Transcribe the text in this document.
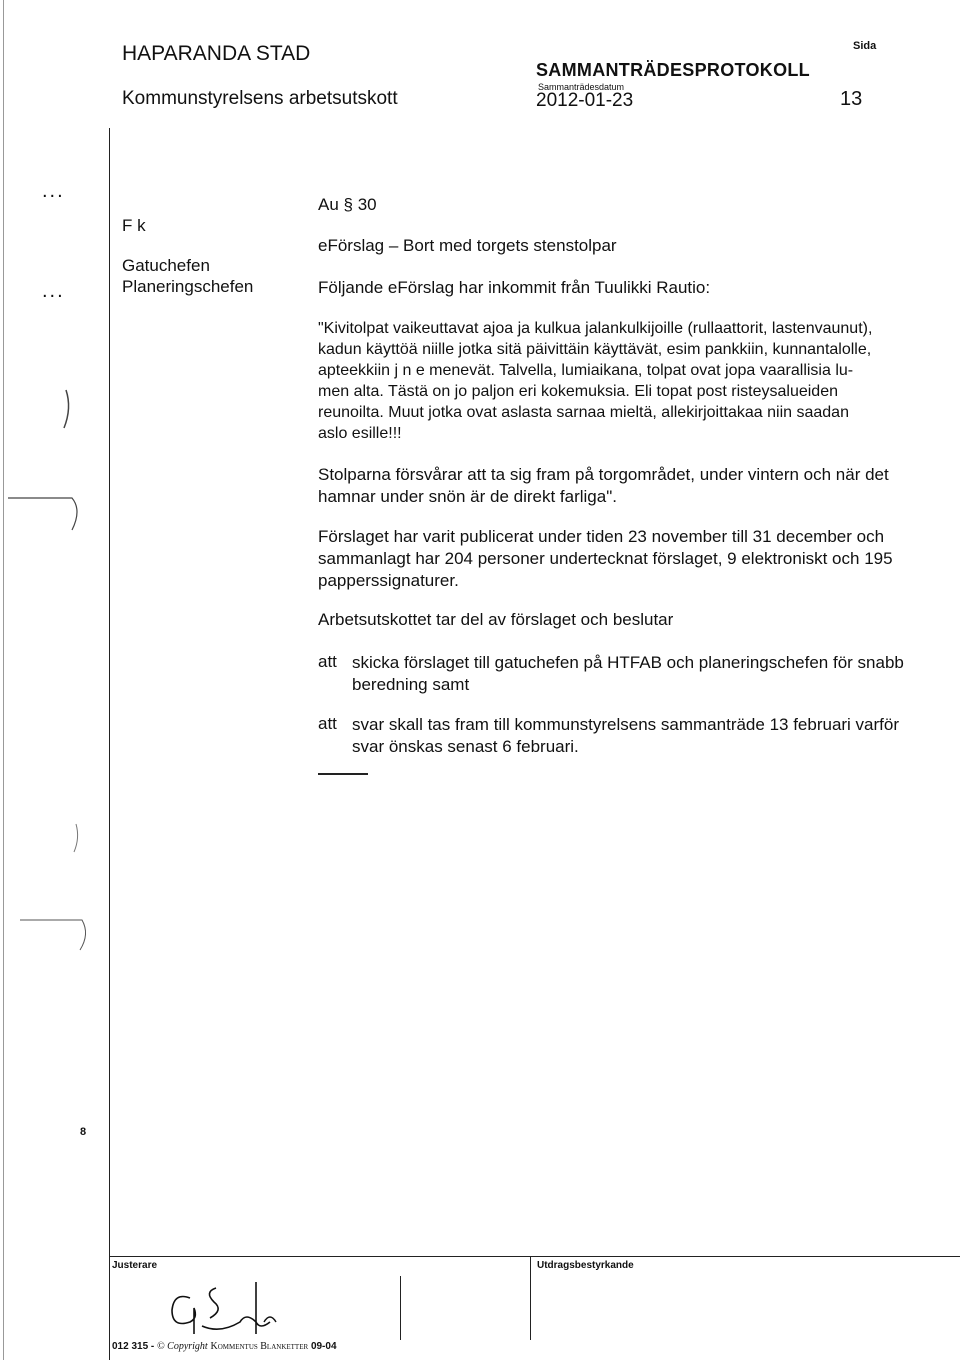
HAPARANDA STAD
Kommunstyrelsens arbetsutskott
SAMMANTRÄDESPROTOKOLL
Sammanträdesdatum
2012-01-23
Sida
13
...
...
F k
Gatuchefen
Planeringschefen
8
Au § 30
eFörslag – Bort med torgets stenstolpar
Följande eFörslag har inkommit från Tuulikki Rautio:
"Kivitolpat vaikeuttavat ajoa ja kulkua jalankulkijoille (rullaattorit, lastenvaunut),
kadun käyttöä niille jotka sitä päivittäin käyttävät, esim pankkiin, kunnantalolle,
apteekkiin j n e menevät. Talvella, lumiaikana, tolpat ovat jopa vaarallisia lu-
men alta. Tästä on jo paljon eri kokemuksia. Eli topat post risteysalueiden
reunoilta. Muut jotka ovat aslasta sarnaa mieltä, allekirjoittakaa niin saadan
aslo esille!!!
Stolparna försvårar att ta sig fram på torgområdet, under vintern och när det
hamnar under snön är de direkt farliga".
Förslaget har varit publicerat under tiden 23 november till 31 december och
sammanlagt har 204 personer undertecknat förslaget, 9 elektroniskt och 195
papperssignaturer.
Arbetsutskottet tar del av förslaget och beslutar
att skicka förslaget till gatuchefen på HTFAB och planeringschefen för snabb
beredning samt
att svar skall tas fram till kommunstyrelsens sammanträde 13 februari varför
svar önskas senast 6 februari.
Justerare	Utdragsbestyrkande
012 315 - © Copyright Kommentus Blanketter 09-04
